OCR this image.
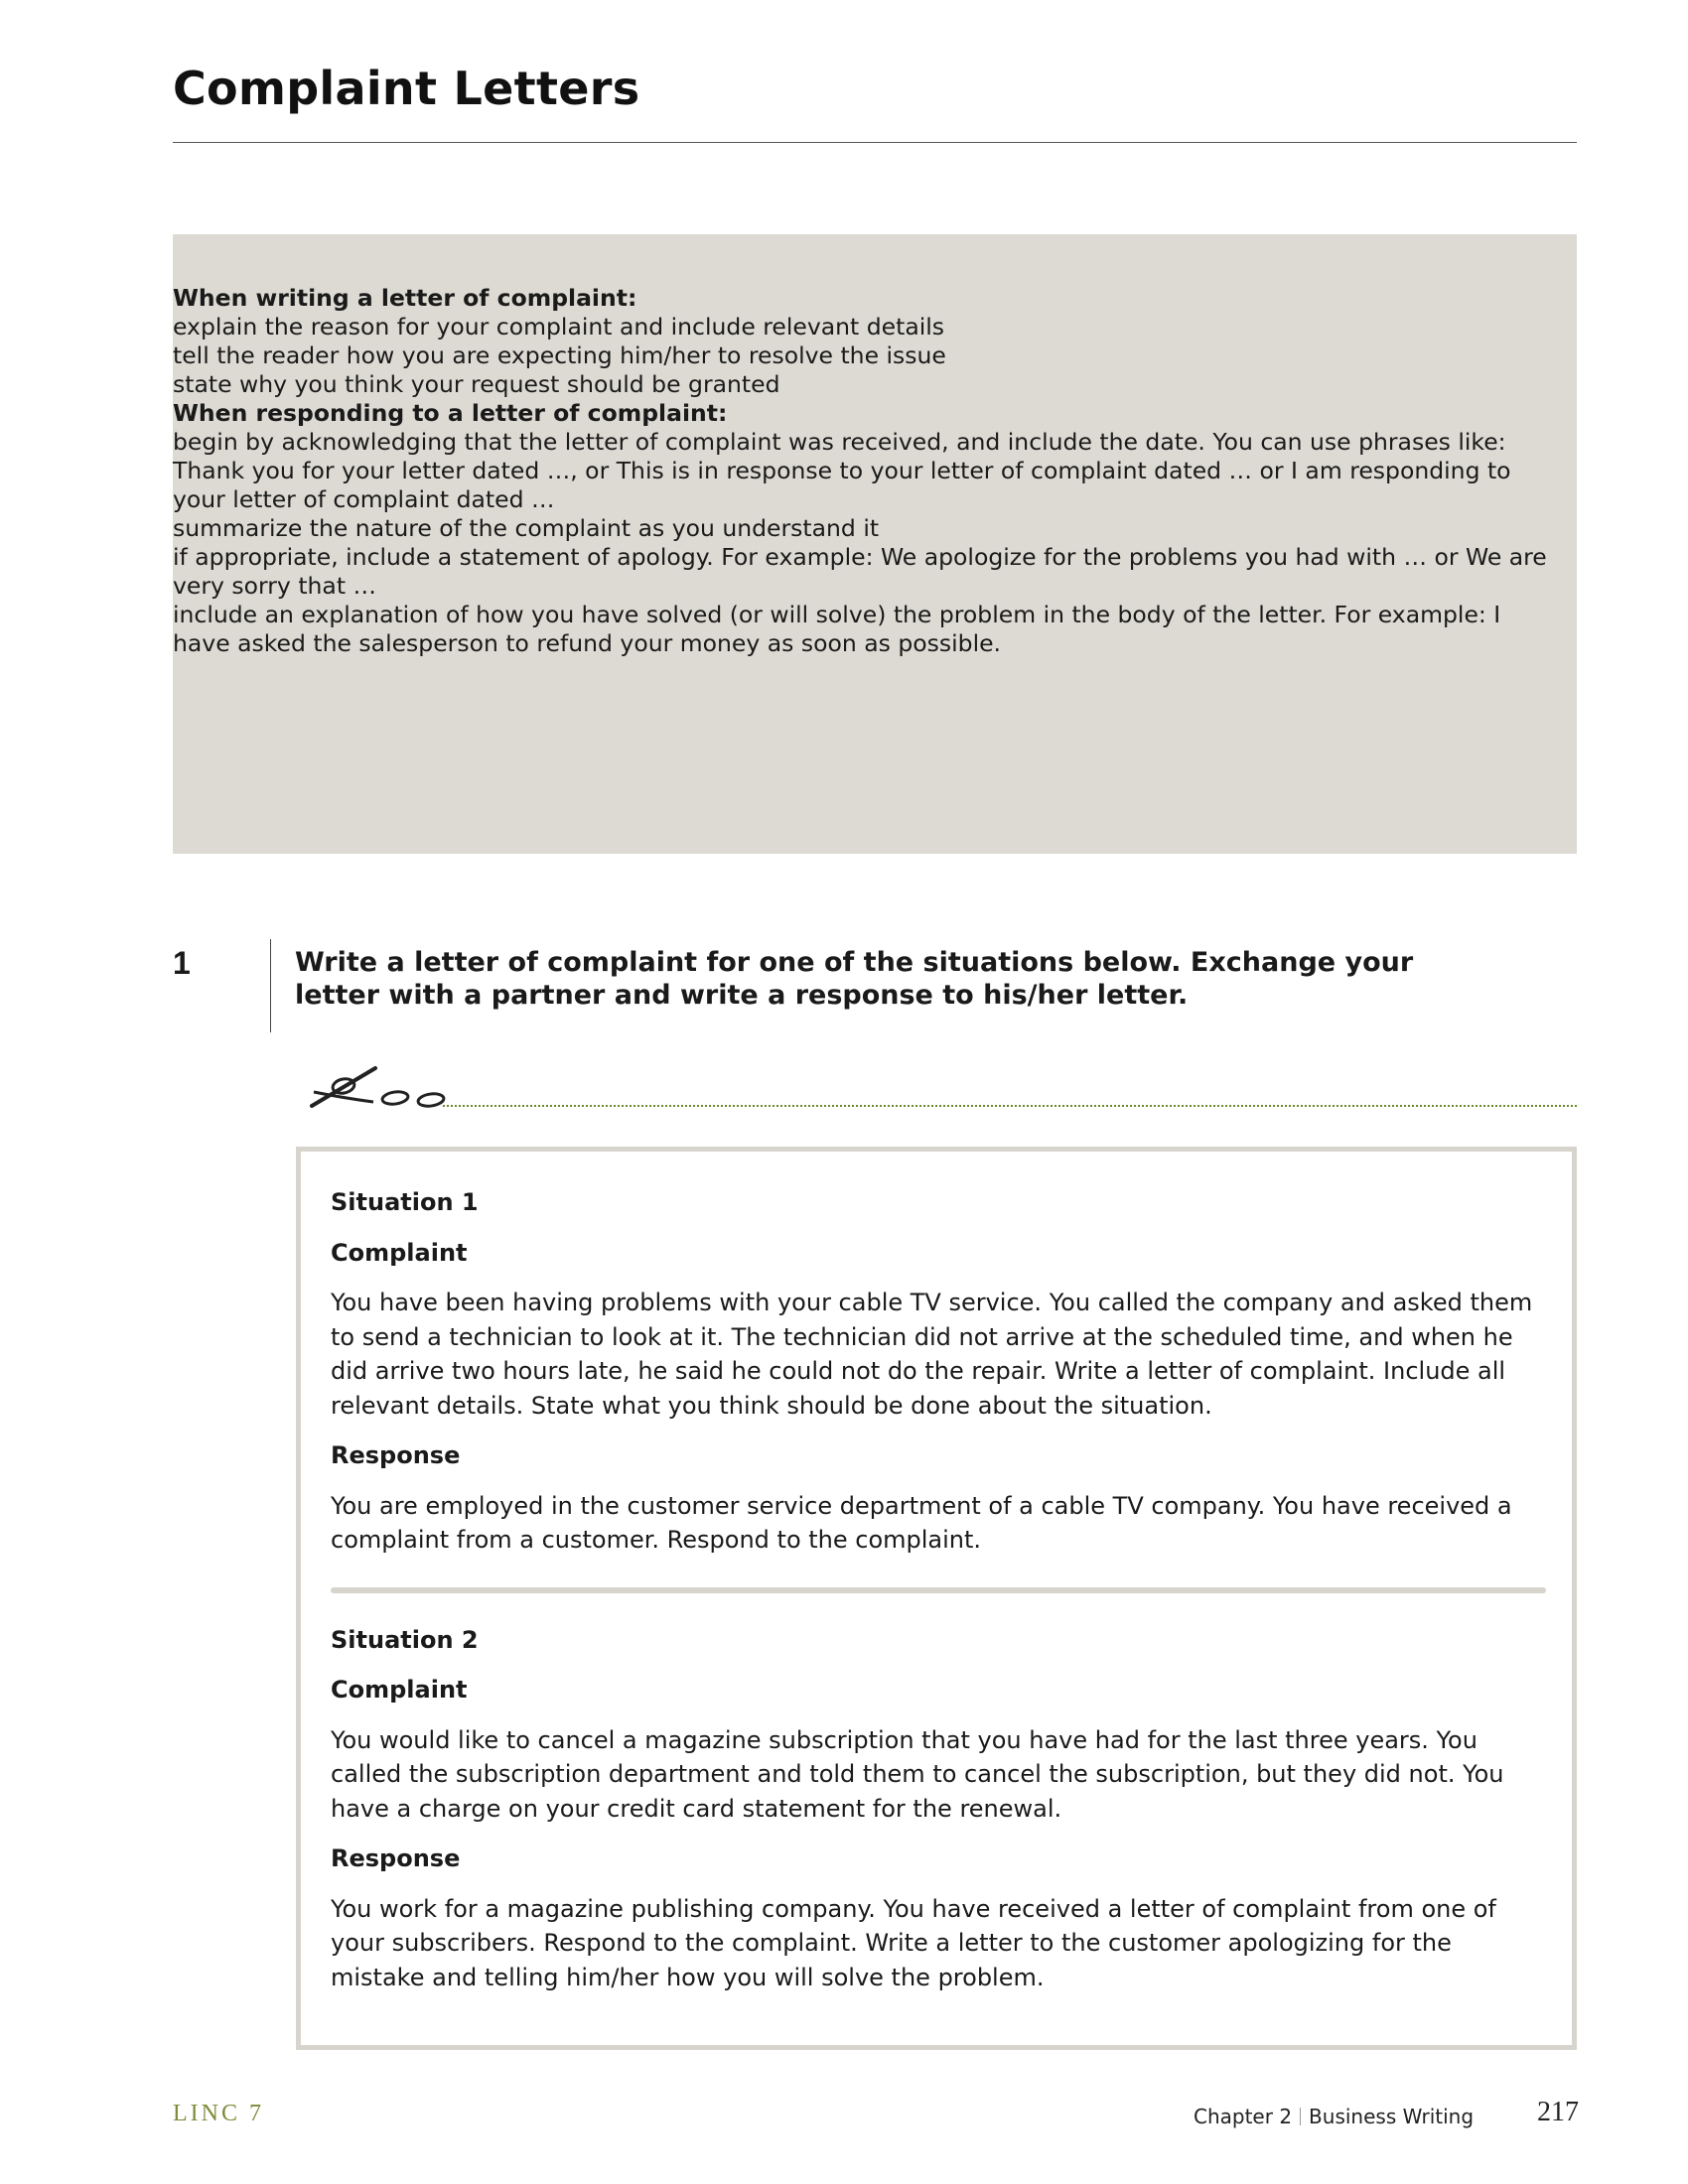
Complaint Letters

When writing a letter of complaint:

explain the reason for your complaint and include relevant details

tell the reader how you are expecting him/her to resolve the issue

state why you think your request should be granted

When responding to a letter of complaint:

begin by acknowledging that the letter of complaint was received, and include the date. You can use phrases like: Thank you for your letter dated …, or This is in response to your letter of complaint dated … or I am responding to your letter of complaint dated …

summarize the nature of the complaint as you understand it

if appropriate, include a statement of apology. For example: We apologize for the problems you had with … or We are very sorry that …

include an explanation of how you have solved (or will solve) the problem in the body of the letter. For example: I have asked the salesperson to refund your money as soon as possible.

1	Write a letter of complaint for one of the situations below. Exchange your letter with a partner and write a response to his/her letter.

Situation 1

Complaint

You have been having problems with your cable TV service. You called the company and asked them to send a technician to look at it. The technician did not arrive at the scheduled time, and when he did arrive two hours late, he said he could not do the repair. Write a letter of complaint. Include all relevant details. State what you think should be done about the situation.

Response

You are employed in the customer service department of a cable TV company. You have received a complaint from a customer. Respond to the complaint.

Situation 2

Complaint

You would like to cancel a magazine subscription that you have had for the last three years. You called the subscription department and told them to cancel the subscription, but they did not. You have a charge on your credit card statement for the renewal.

Response

You work for a magazine publishing company. You have received a letter of complaint from one of your subscribers. Respond to the complaint. Write a letter to the customer apologizing for the mistake and telling him/her how you will solve the problem.

LINC 7	Chapter 2 Business Writing 217
